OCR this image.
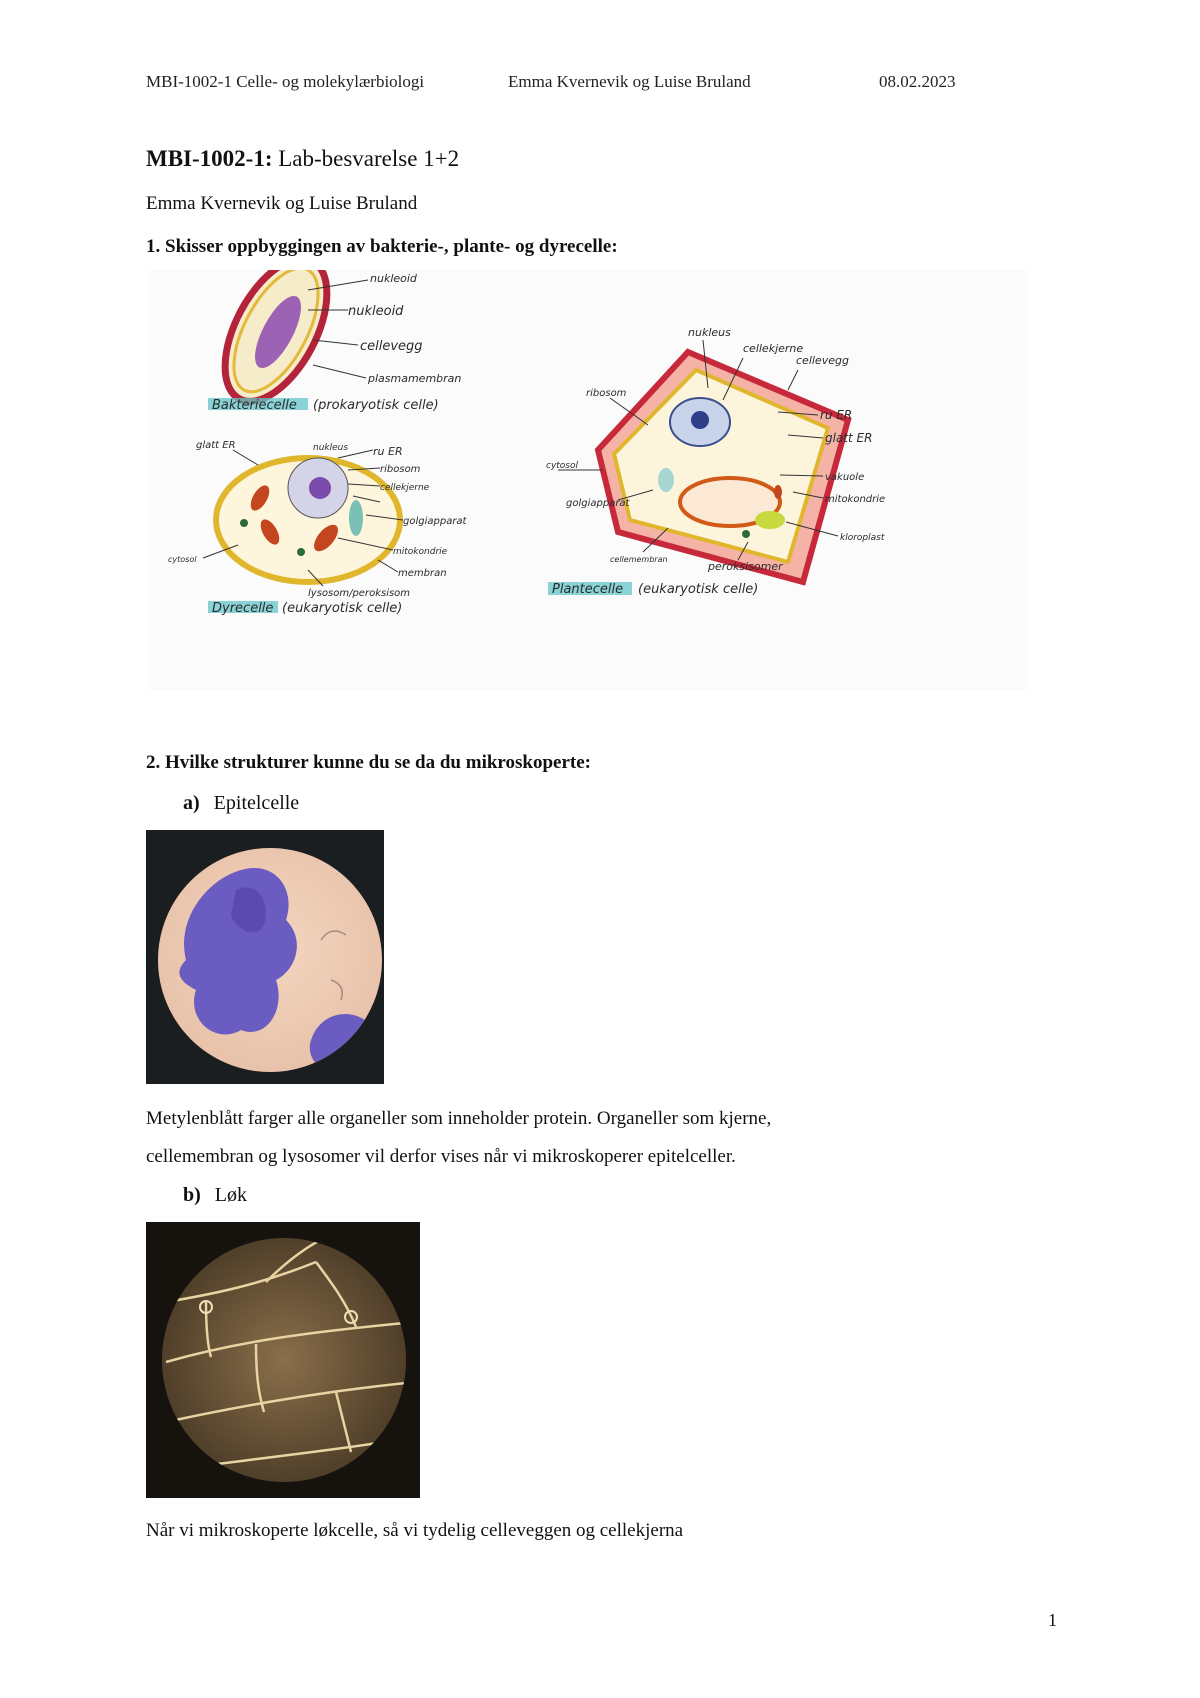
MBI-1002-1 Celle- og molekylærbiologi	Emma Kvernevik og Luise Bruland	08.02.2023
MBI-1002-1: Lab-besvarelse 1+2
Emma Kvernevik og Luise Bruland
1. Skisser oppbyggingen av bakterie-, plante- og dyrecelle:
nukleoid
nukleoid
cellevegg
plasmamembran
Bakteriecelle (prokaryotisk celle)
nukleus ru ER
glatt ER
ribosom
cellekjerne
golgiapparat
mitokondrie
membran
cytosol
lysosom/peroksisom
Dyrecelle (eukaryotisk celle)
nukleus
cellekjerne
cellevegg
ribosom
ru ER
glatt ER
cytosol
vakuole
golgiapparat	mitokondrie
kloroplast
cellemembran
peroksisomer
Plantecelle (eukaryotisk celle)
2. Hvilke strukturer kunne du se da du mikroskoperte:
a) Epitelcelle
Metylenblått farger alle organeller som inneholder protein. Organeller som kjerne,
cellemembran og lysosomer vil derfor vises når vi mikroskoperer epitelceller.
b) Løk
Når vi mikroskoperte løkcelle, så vi tydelig celleveggen og cellekjerna
1
